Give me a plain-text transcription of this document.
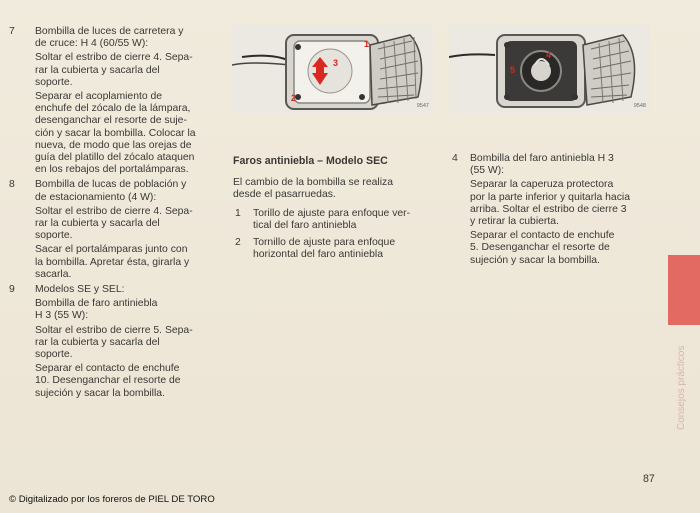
7 Bombilla de luces de carretera y
de cruce: H 4 (60/55 W):
Soltar el estribo de cierre 4. Sepa-
rar la cubierta y sacarla del
soporte.
Separar el acoplamiento de
enchufe del zócalo de la lámpara,
desenganchar el resorte de suje-
ción y sacar la bombilla. Colocar la
nueva, de modo que las orejas de
guía del platillo del zócalo ataquen
en los rebajos del portalámparas.
8 Bombilla de lucas de población y
de estacionamiento (4 W):
Soltar el estribo de cierre 4. Sepa-
rar la cubierta y sacarla del
soporte.
Sacar el portalámparas junto con
la bombilla. Apretar ésta, girarla y
sacarla.
9 Modelos SE y SEL:
Bombilla de faro antiniebla
H 3 (55 W):
Soltar el estribo de cierre 5. Sepa-
rar la cubierta y sacarla del
soporte.
Separar el contacto de enchufe
10. Desenganchar el resorte de
sujeción y sacar la bombilla.
1
2
3
9547
4
5
9548
Faros antiniebla – Modelo SEC
El cambio de la bombilla se realiza
desde el pasarruedas.
1 Torillo de ajuste para enfoque ver-
tical del faro antiniebla
2 Tornillo de ajuste para enfoque
horizontal del faro antiniebla
4 Bombilla del faro antiniebla H 3
(55 W):
Separar la caperuza protectora
por la parte inferior y quitarla hacia
arriba. Soltar el estribo de cierre 3
y retirar la cubierta.
Separar el contacto de enchufe
5. Desenganchar el resorte de
sujeción y sacar la bombilla.
Consejos prácticos
87
© Digitalizado por los foreros de PIEL DE TORO
